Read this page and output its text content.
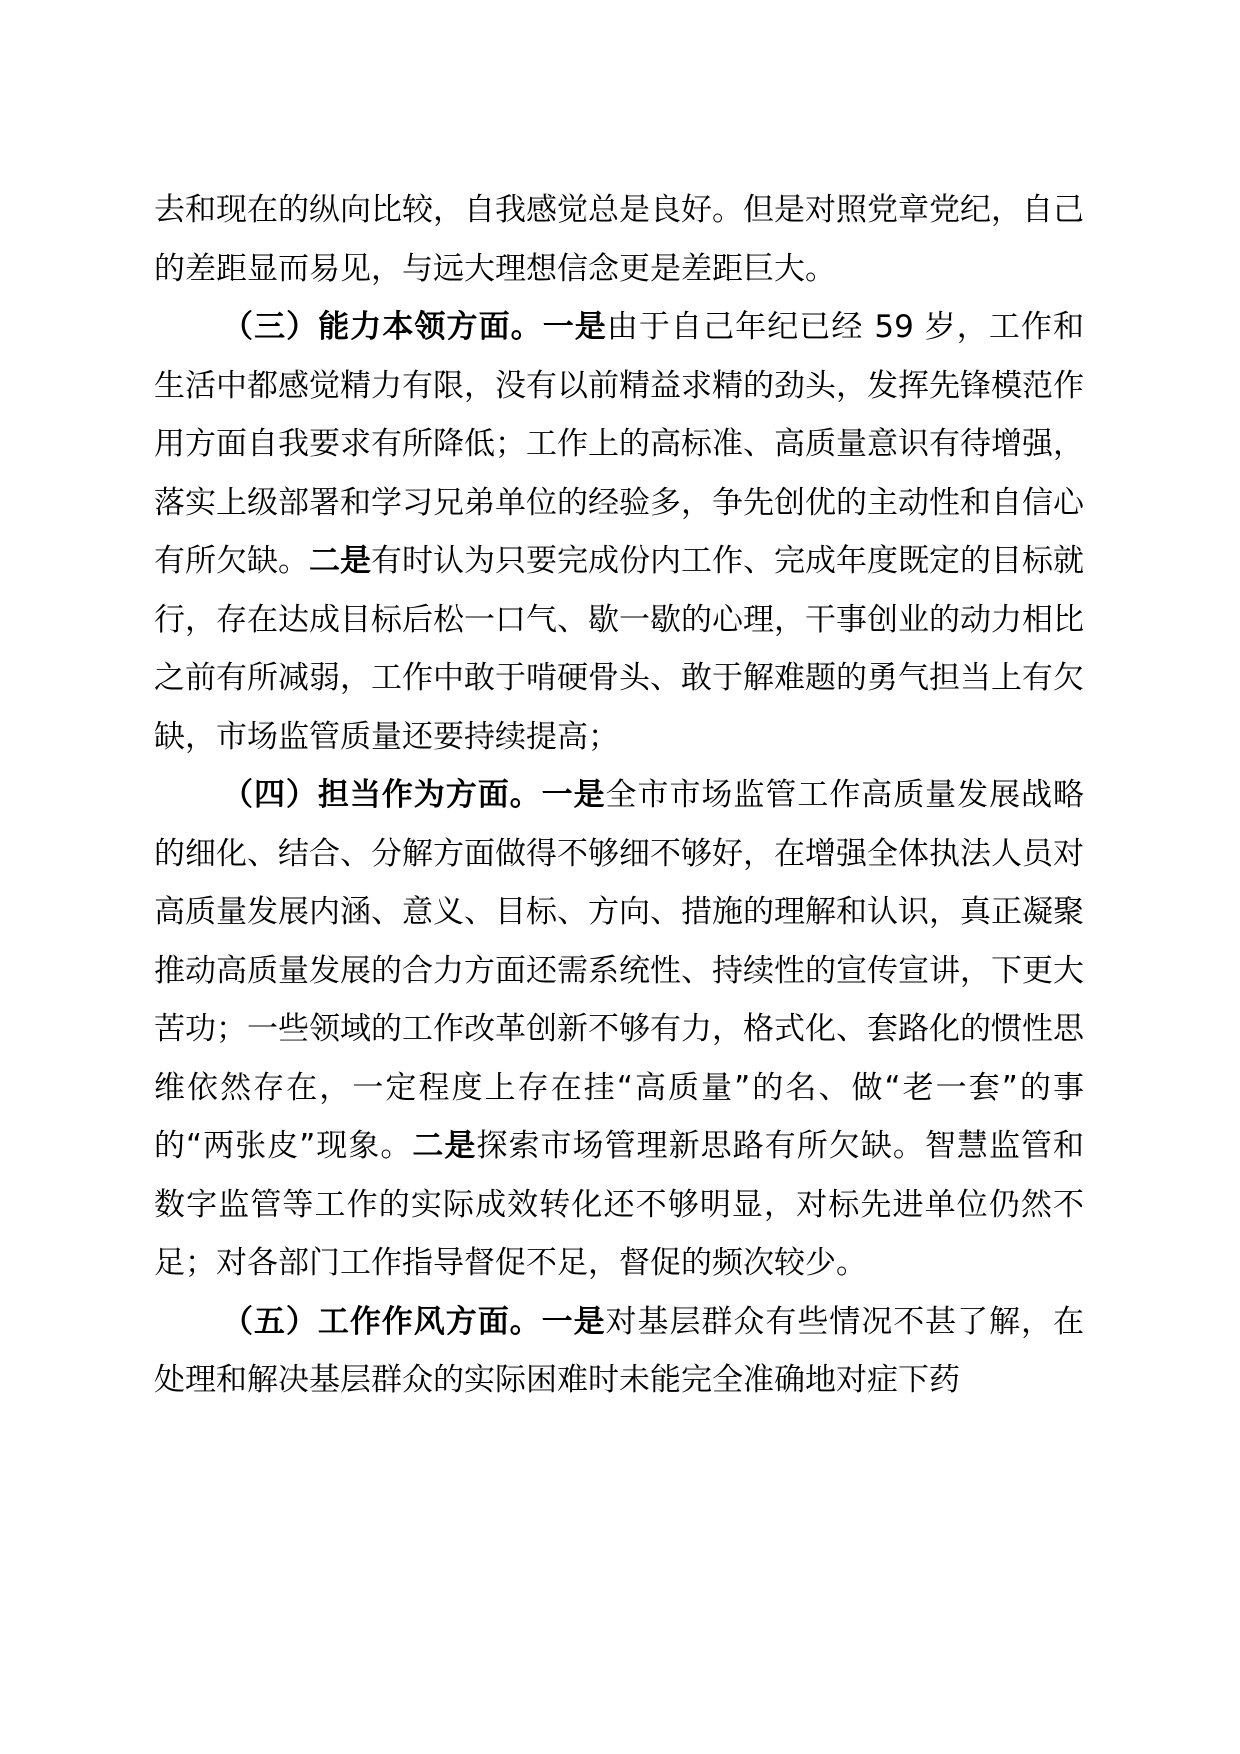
去和现在的纵向比较，自我感觉总是良好。但是对照党章党纪，自己的差距显而易见，与远大理想信念更是差距巨大。

（三）能力本领方面。一是由于自己年纪已经 59 岁，工作和生活中都感觉精力有限，没有以前精益求精的劲头，发挥先锋模范作用方面自我要求有所降低；工作上的高标准、高质量意识有待增强，落实上级部署和学习兄弟单位的经验多，争先创优的主动性和自信心有所欠缺。二是有时认为只要完成份内工作、完成年度既定的目标就行，存在达成目标后松一口气、歇一歇的心理，干事创业的动力相比之前有所减弱，工作中敢于啃硬骨头、敢于解难题的勇气担当上有欠缺，市场监管质量还要持续提高；

（四）担当作为方面。一是全市市场监管工作高质量发展战略的细化、结合、分解方面做得不够细不够好，在增强全体执法人员对高质量发展内涵、意义、目标、方向、措施的理解和认识，真正凝聚推动高质量发展的合力方面还需系统性、持续性的宣传宣讲，下更大苦功；一些领域的工作改革创新不够有力，格式化、套路化的惯性思维依然存在，一定程度上存在挂“高质量”的名、做“老一套”的事的“两张皮”现象。二是探索市场管理新思路有所欠缺。智慧监管和数字监管等工作的实际成效转化还不够明显，对标先进单位仍然不足；对各部门工作指导督促不足，督促的频次较少。

（五）工作作风方面。一是对基层群众有些情况不甚了解，在处理和解决基层群众的实际困难时未能完全准确地对症下药
